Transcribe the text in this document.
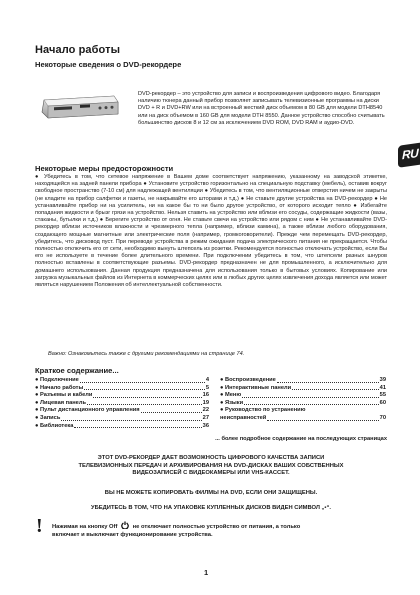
Начало работы
Некоторые сведения о DVD-рекордере
DVD-рекордер – это устройство для записи и воспроизведения цифрового видео. Благодаря наличию тюнера данный прибор позволяет записывать телевизионные программы на диски DVD + R и DVD+RW или на встроенный жесткий диск объемом в 80 GB для модели DTH8540 или на диск объемом в 160 GB для модели DTH 8550. Данное устройство способно считывать большинство дисков 8 и 12 см за исключением DVD ROM, DVD RAM и аудио-DVD.
RU
Некоторые меры предосторожности
● Убедитесь в том, что сетевое напряжение в Вашем доме соответствует напряжению, указанному на заводской этикетке, находящейся на задней панели прибора ● Установите устройство горизонтально на специальную подставку (мебель), оставив вокруг свободное пространство (7-10 см) для надлежащей вентиляции ● Убедитесь в том, что вентиляционные отверстия ничем не закрыты (не кладите на прибор салфетки и газеты, не накрывайте его шторами и т.д.) ● Не ставьте другие устройства на DVD-рекордер ● Не устанавливайте прибор ни на усилитель, ни на какое бы то ни было другое устройство, от которого исходит тепло ● Избегайте попадания жидкости и брызг грязи на устройство. Нельзя ставить на устройство или вблизи его сосуды, содержащие жидкости (вазы, стаканы, бутылки и т.д.) ● Берегите устройство от огня. Не ставьте свечи на устройство или рядом с ним ● Не устанавливайте DVD-рекордер вблизи источников влажности и чрезмерного тепла (например, вблизи камина), а также вблизи любого оборудования, создающего мощные магнитные или электрические поля (например, громкоговорители). Прежде чем перемещать DVD-рекордер, убедитесь, что дисковод пуст. При переводе устройства в режим ожидания подача электрического питания не прекращается. Чтобы полностью отключить его от сети, необходимо вынуть штепсель из розетки. Рекомендуется полностью отключать устройство, если Вы его не используете в течение более длительного времени. При подключении убедитесь в том, что штепсели разных шнуров полностью вставлены в соответствующие разъемы. DVD-рекордер предназначен не для промышленного, а исключительно для домашнего использования. Данная продукция предназначена для использования только в бытовых условиях. Копирование или загрузка музыкальных файлов из Интернета в коммерческих целях или в любых других целях извлечения дохода является или может являться нарушением Положения об интеллектуальной собственности.
Важно: Ознакомьтесь также с другими рекомендациями на странице 74.
Краткое содержание...
● Подключение	4
● Начало работы	5
● Разъемы и кабели	16
● Лицевая панель	19
● Пульт дистанционного управления	22
● Запись	27
● Библиотека	36
● Воспроизведение	39
● Интерактивные панели	41
● Меню	55
● Языки	60
● Руководство по устранению
неисправностей	70
... более подробное содержание на последующих страницах
ЭТОТ DVD-РЕКОРДЕР ДАЕТ ВОЗМОЖНОСТЬ ЦИФРОВОГО КАЧЕСТВА ЗАПИСИ
ТЕЛЕВИЗИОННЫХ ПЕРЕДАЧ И АРХИВИРОВАНИЯ НА DVD-ДИСКАХ ВАШИХ СОБСТВЕННЫХ
ВИДЕОЗАПИСЕЙ С ВИДЕОКАМЕРЫ ИЛИ VHS-КАССЕТ.
ВЫ НЕ МОЖЕТЕ КОПИРОВАТЬ ФИЛМЫ НА DVD, ЕСЛИ ОНИ ЗАЩИЩЕНЫ.
УБЕДИТЕСЬ В ТОМ, ЧТО НА УПАКОВКЕ КУПЛЕННЫХ ДИСКОВ ВИДЕН СИМВОЛ „•“.
! Нажимая на кнопку Off	не отключает полностью устройство от питания, а только
включает и выключает функционирование устройства.
1
